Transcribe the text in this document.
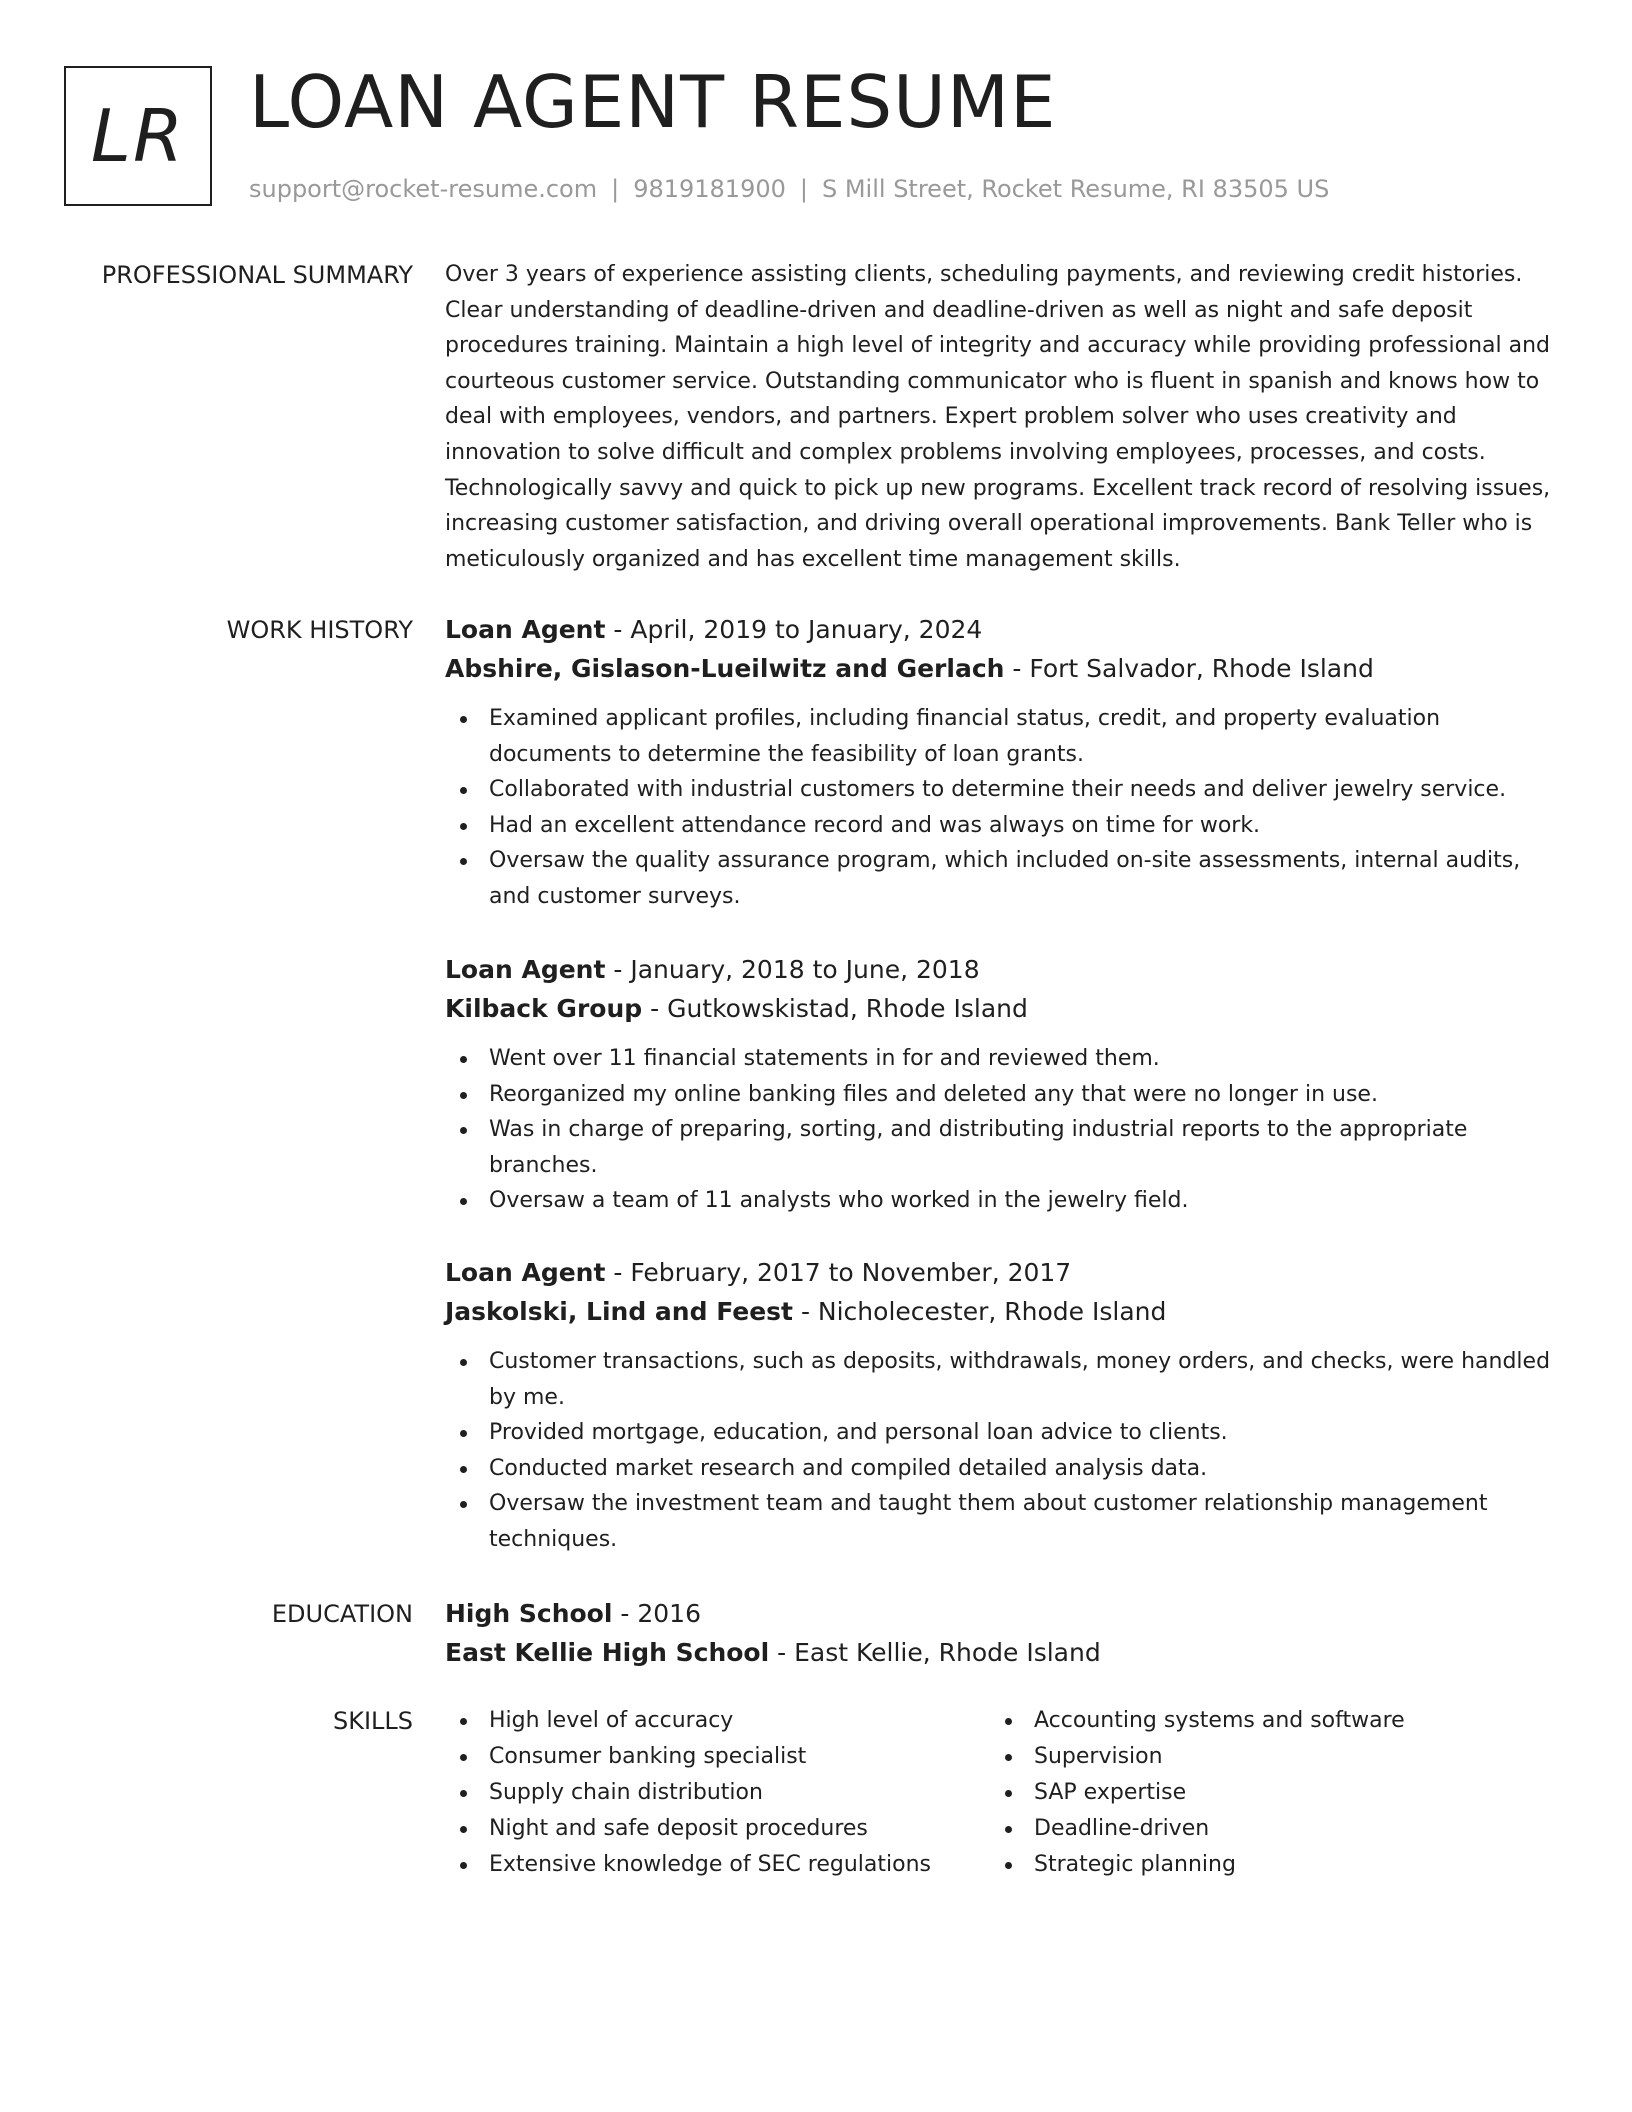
LR LOAN AGENT RESUME
support@rocket-resume.com | 9819181900 | S Mill Street, Rocket Resume, RI 83505 US
PROFESSIONAL SUMMARY Over 3 years of experience assisting clients, scheduling payments, and reviewing credit histories. Clear understanding of deadline-driven and deadline-driven as well as night and safe deposit procedures training. Maintain a high level of integrity and accuracy while providing professional and courteous customer service. Outstanding communicator who is fluent in spanish and knows how to deal with employees, vendors, and partners. Expert problem solver who uses creativity and innovation to solve difficult and complex problems involving employees, processes, and costs. Technologically savvy and quick to pick up new programs. Excellent track record of resolving issues, increasing customer satisfaction, and driving overall operational improvements. Bank Teller who is meticulously organized and has excellent time management skills.

WORK HISTORY Loan Agent - April, 2019 to January, 2024

Abshire, Gislason-Lueilwitz and Gerlach - Fort Salvador, Rhode Island

Examined applicant profiles, including financial status, credit, and property evaluation documents to determine the feasibility of loan grants.
Collaborated with industrial customers to determine their needs and deliver jewelry service.
Had an excellent attendance record and was always on time for work.
Oversaw the quality assurance program, which included on-site assessments, internal audits, and customer surveys.

Loan Agent - January, 2018 to June, 2018

Kilback Group - Gutkowskistad, Rhode Island

Went over 11 financial statements in for and reviewed them.
Reorganized my online banking files and deleted any that were no longer in use.
Was in charge of preparing, sorting, and distributing industrial reports to the appropriate branches.
Oversaw a team of 11 analysts who worked in the jewelry field.

Loan Agent - February, 2017 to November, 2017

Jaskolski, Lind and Feest - Nicholecester, Rhode Island

Customer transactions, such as deposits, withdrawals, money orders, and checks, were handled by me.
Provided mortgage, education, and personal loan advice to clients.
Conducted market research and compiled detailed analysis data.
Oversaw the investment team and taught them about customer relationship management techniques.
EDUCATION High School - 2016

East Kellie High School - East Kellie, Rhode Island

SKILLS	High level of accuracy
Consumer banking specialist
Supply chain distribution
Night and safe deposit procedures
Extensive knowledge of SEC regulations
Accounting systems and software
Supervision
SAP expertise
Deadline-driven
Strategic planning
